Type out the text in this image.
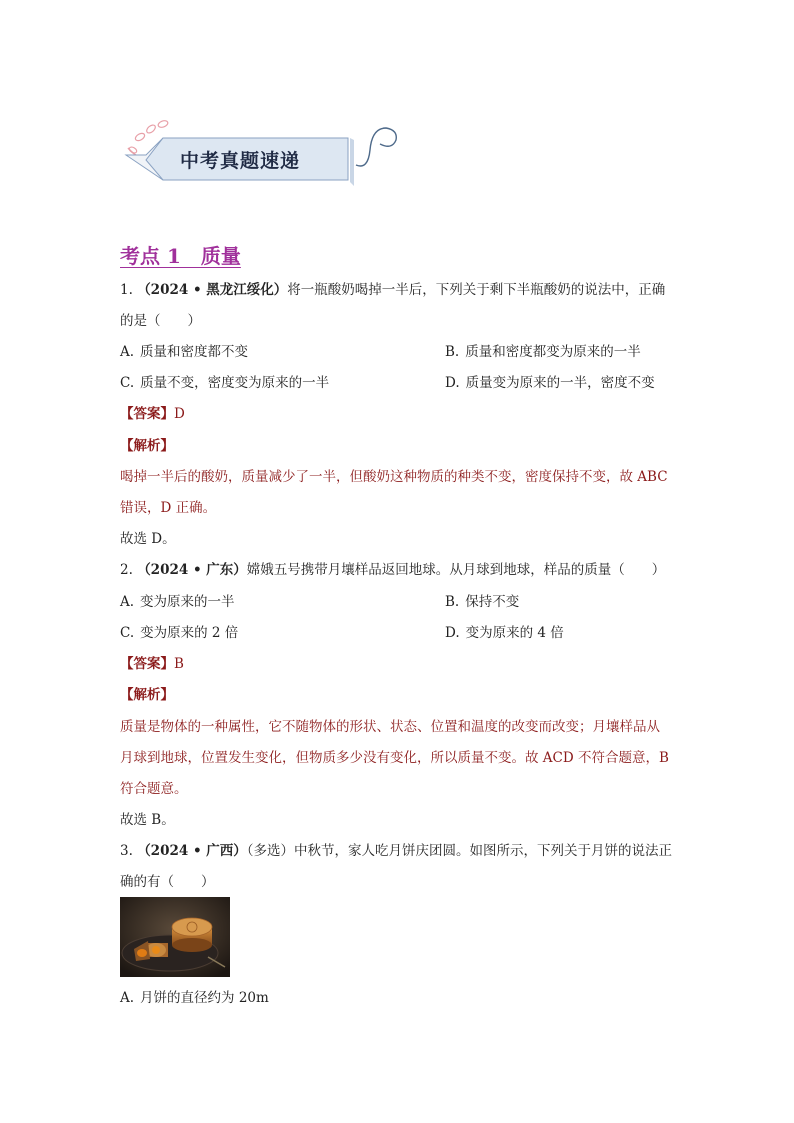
中考真题速递
考点 1　质量
1. （2024 • 黑龙江绥化）将一瓶酸奶喝掉一半后，下列关于剩下半瓶酸奶的说法中，正确
的是（　　）
A. 质量和密度都不变	B. 质量和密度都变为原来的一半
C. 质量不变，密度变为原来的一半	D. 质量变为原来的一半，密度不变
【答案】D
【解析】
喝掉一半后的酸奶，质量减少了一半，但酸奶这种物质的种类不变，密度保持不变，故 ABC
错误，D 正确。
故选 D。
2. （2024 • 广东）嫦娥五号携带月壤样品返回地球。从月球到地球，样品的质量（　　）
A. 变为原来的一半	B. 保持不变
C. 变为原来的 2 倍	D. 变为原来的 4 倍
【答案】B
【解析】
质量是物体的一种属性，它不随物体的形状、状态、位置和温度的改变而改变；月壤样品从
月球到地球，位置发生变化，但物质多少没有变化，所以质量不变。故 ACD 不符合题意，B
符合题意。
故选 B。
3. （2024 • 广西）（多选）中秋节，家人吃月饼庆团圆。如图所示，下列关于月饼的说法正
确的有（　　）
A. 月饼的直径约为 20m
